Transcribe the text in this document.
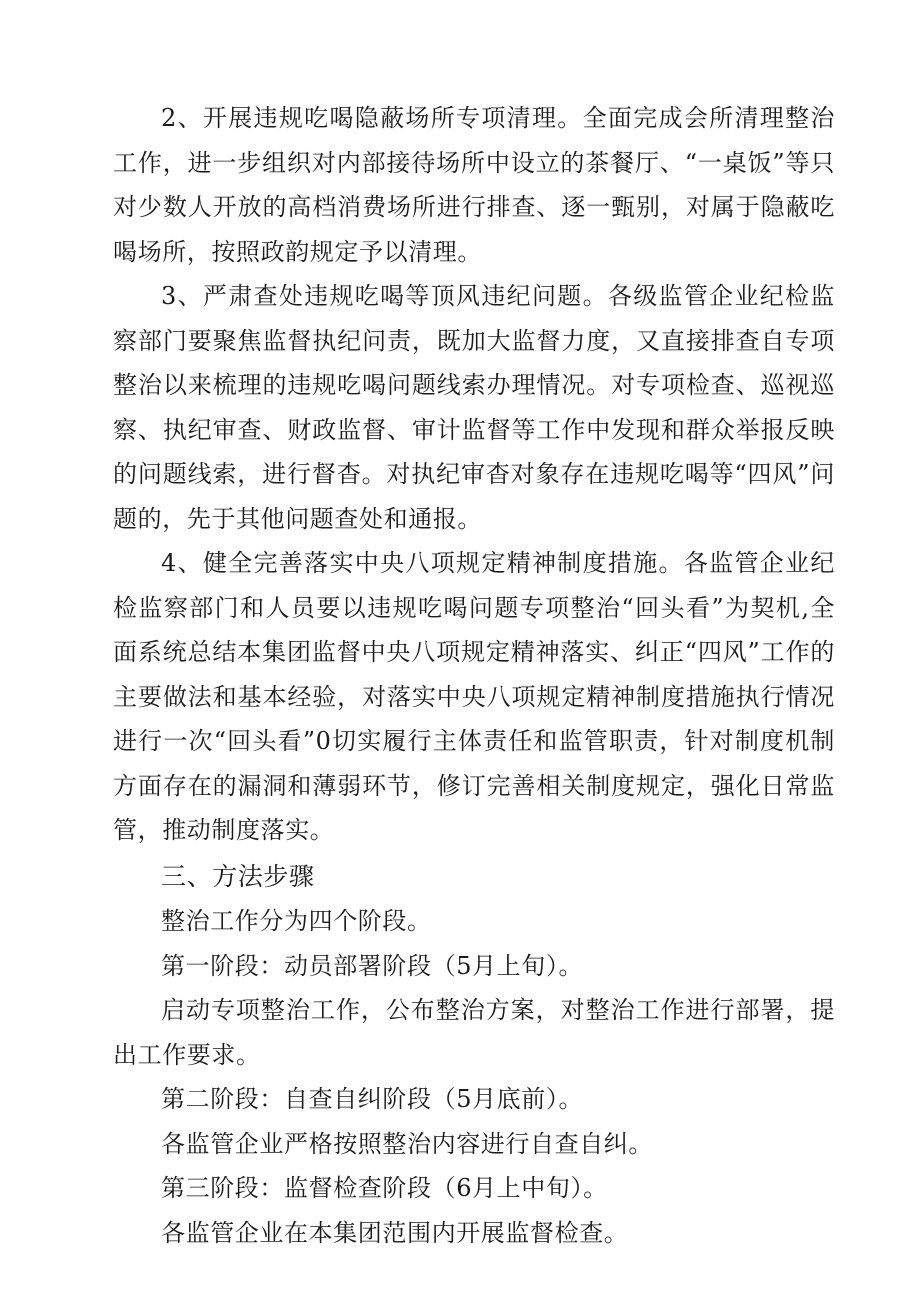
2、开展违规吃喝隐蔽场所专项清理。全面完成会所清理整治工作，进一步组织对内部接待场所中设立的茶餐厅、“一桌饭”等只对少数人开放的高档消费场所进行排查、逐一甄别，对属于隐蔽吃喝场所，按照政韵规定予以清理。

3、严肃查处违规吃喝等顶风违纪问题。各级监管企业纪检监察部门要聚焦监督执纪问责，既加大监督力度，又直接排查自专项整治以来梳理的违规吃喝问题线索办理情况。对专项检查、巡视巡察、执纪审查、财政监督、审计监督等工作中发现和群众举报反映的问题线索，进行督杳。对执纪审杳对象存在违规吃喝等“四风”问题的，先于其他问题查处和通报。

4、健全完善落实中央八项规定精神制度措施。各监管企业纪检监察部门和人员要以违规吃喝问题专项整治“回头看”为契机,全面系统总结本集团监督中央八项规定精神落实、纠正“四风”工作的主要做法和基本经验，对落实中央八项规定精神制度措施执行情况进行一次“回头看”0切实履行主体责任和监管职责，针对制度机制方面存在的漏洞和薄弱环节，修订完善相关制度规定，强化日常监管，推动制度落实。

三、方法步骤

整治工作分为四个阶段。

第一阶段：动员部署阶段（5月上旬）。

启动专项整治工作，公布整治方案，对整治工作进行部署，提出工作要求。

第二阶段：自查自纠阶段（5月底前）。

各监管企业严格按照整治内容进行自查自纠。

第三阶段：监督检查阶段（6月上中旬）。

各监管企业在本集团范围内开展监督检查。
